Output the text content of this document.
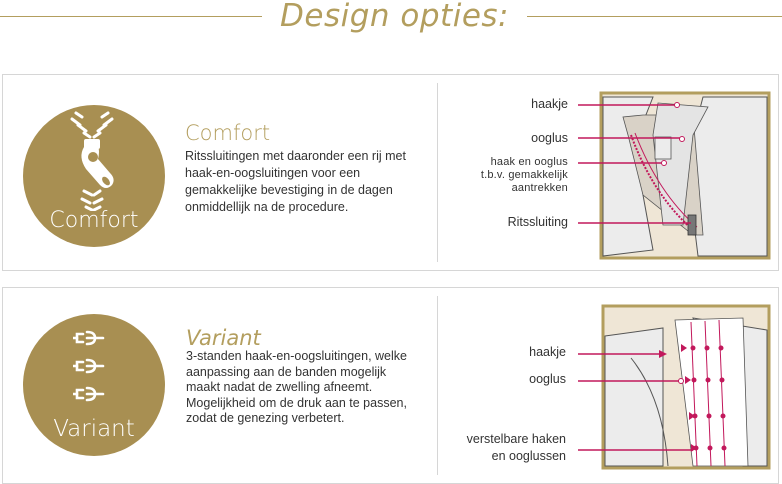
Design opties:
Comfort
Comfort
Ritssluitingen met daaronder een rij met haak-en-oogsluitingen voor een gemakkelijke bevestiging in de dagen onmiddellijk na de procedure.
haakje
ooglus
haak en ooglus
t.b.v. gemakkelijk
aantrekken
Ritssluiting
Variant
Variant
3-standen haak-en-oogsluitingen, welke aanpassing aan de banden mogelijk maakt nadat de zwelling afneemt. Mogelijkheid om de druk aan te passen, zodat de genezing verbetert.
haakje
ooglus
verstelbare haken
en ooglussen
